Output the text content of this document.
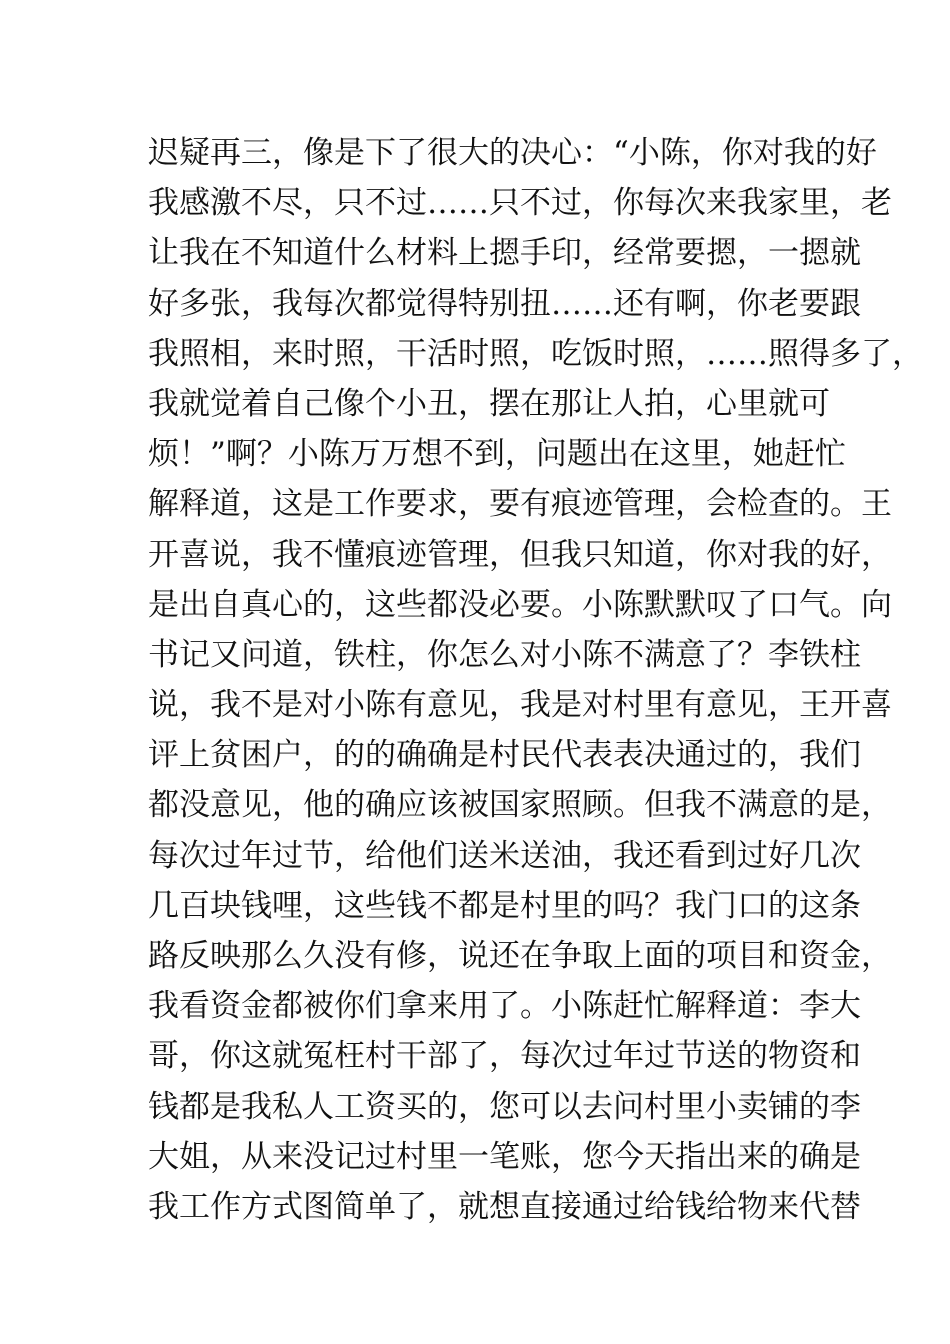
迟疑再三，像是下了很大的决心：“小陈，你对我的好
我感激不尽，只不过……只不过，你每次来我家里，老
让我在不知道什么材料上摁手印，经常要摁，一摁就
好多张，我每次都觉得特别扭……还有啊，你老要跟
我照相，来时照，干活时照，吃饭时照，……照得多了，
我就觉着自己像个小丑，摆在那让人拍，心里就可
烦！”啊？小陈万万想不到，问题出在这里，她赶忙
解释道，这是工作要求，要有痕迹管理，会检查的。王
开喜说，我不懂痕迹管理，但我只知道，你对我的好，
是出自真心的，这些都没必要。小陈默默叹了口气。向
书记又问道，铁柱，你怎么对小陈不满意了？李铁柱
说，我不是对小陈有意见，我是对村里有意见，王开喜
评上贫困户，的的确确是村民代表表决通过的，我们
都没意见，他的确应该被国家照顾。但我不满意的是，
每次过年过节，给他们送米送油，我还看到过好几次
几百块钱哩，这些钱不都是村里的吗？我门口的这条
路反映那么久没有修，说还在争取上面的项目和资金，
我看资金都被你们拿来用了。小陈赶忙解释道：李大
哥，你这就冤枉村干部了，每次过年过节送的物资和
钱都是我私人工资买的，您可以去问村里小卖铺的李
大姐，从来没记过村里一笔账，您今天指出来的确是
我工作方式图简单了，就想直接通过给钱给物来代替
